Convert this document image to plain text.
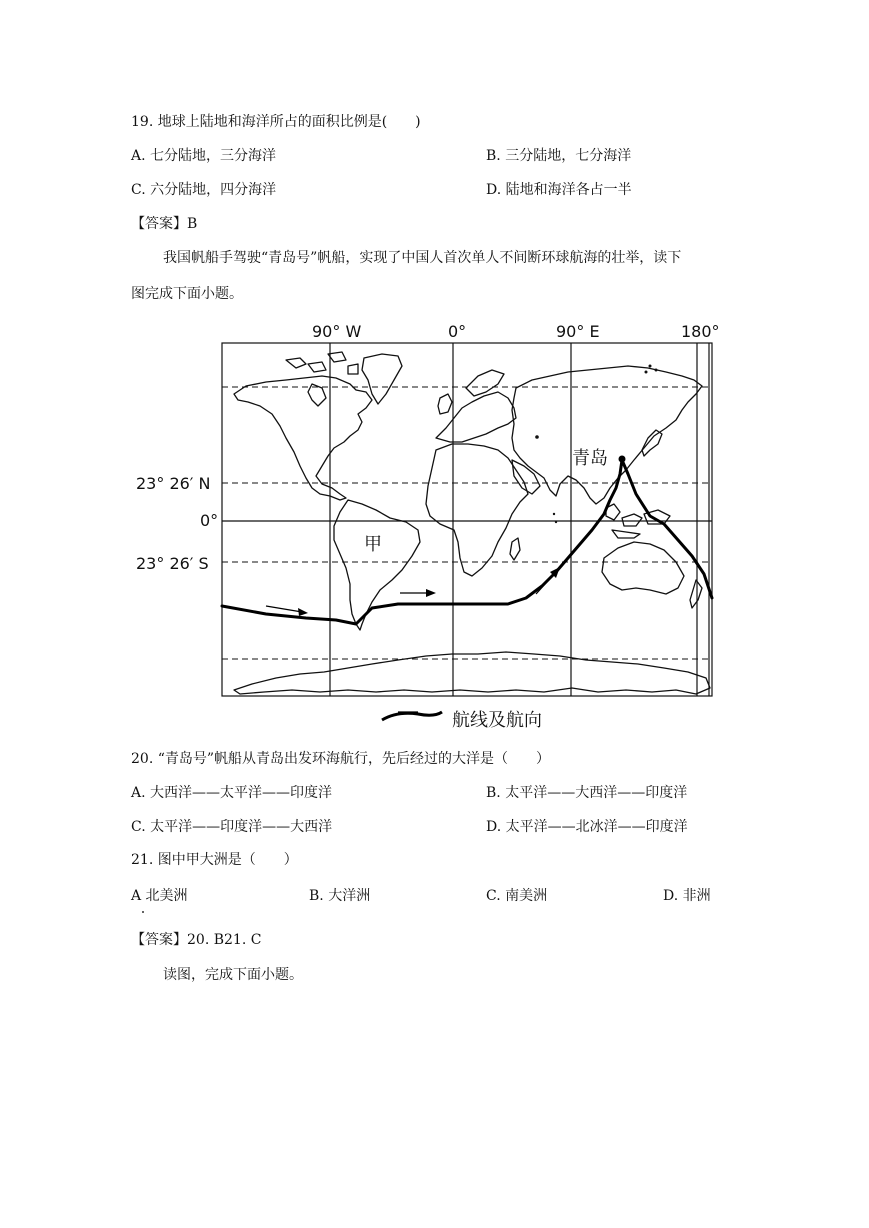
19. 地球上陆地和海洋所占的面积比例是(　　)
A. 七分陆地，三分海洋	B. 三分陆地，七分海洋
C. 六分陆地，四分海洋	D. 陆地和海洋各占一半
【答案】B
我国帆船手驾驶“青岛号”帆船，实现了中国人首次单人不间断环球航海的壮举，读下
图完成下面小题。
90° W	0°	90° E	180°
23° 26′ N
0°
23° 26′ S
青岛
甲
航线及航向
20. “青岛号”帆船从青岛出发环海航行，先后经过的大洋是（　　）
A. 大西洋——太平洋——印度洋	B. 太平洋——大西洋——印度洋
C. 太平洋——印度洋——大西洋	D. 太平洋——北冰洋——印度洋
21. 图中甲大洲是（　　）
A 北美洲	B. 大洋洲	C. 南美洲	D. 非洲
【答案】20. B21. C
读图，完成下面小题。
